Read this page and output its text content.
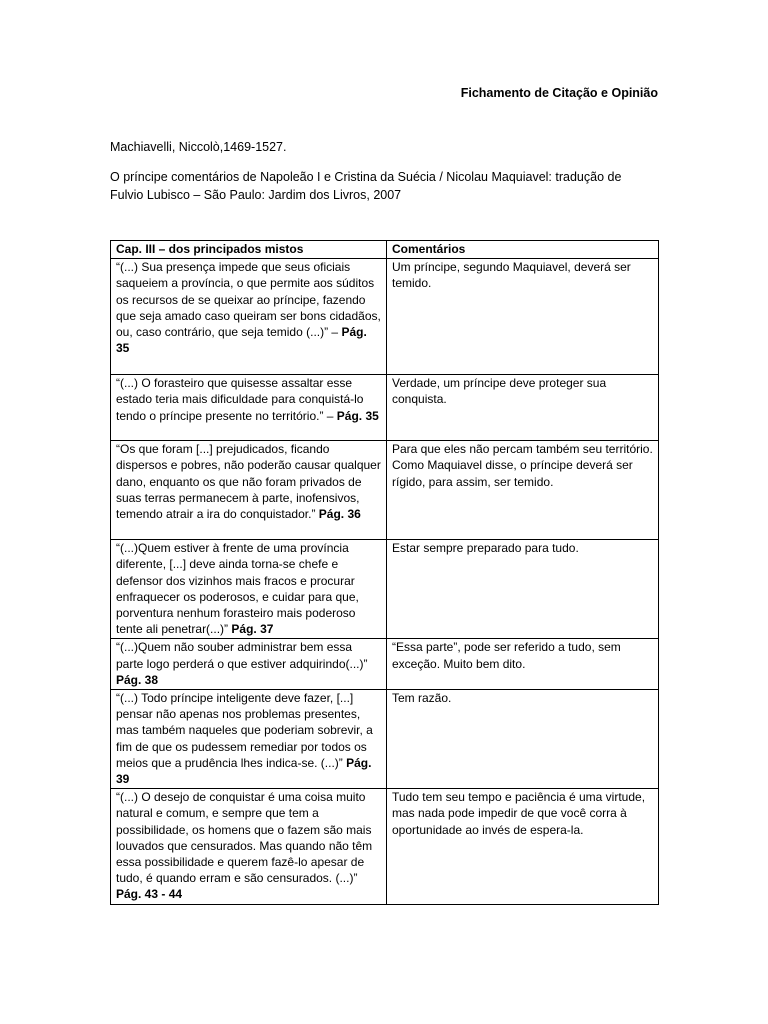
Fichamento de Citação e Opinião
Machiavelli, Niccolò,1469-1527.
O príncipe comentários de Napoleão I e Cristina da Suécia / Nicolau Maquiavel: tradução de Fulvio Lubisco – São Paulo: Jardim dos Livros, 2007
Cap. III – dos principados mistos	Comentários
“(...) Sua presença impede que seus oficiais saqueiem a província, o que permite aos súditos os recursos de se queixar ao príncipe, fazendo que seja amado caso queiram ser bons cidadãos, ou, caso contrário, que seja temido (...)” – Pág. 35	Um príncipe, segundo Maquiavel, deverá ser temido.
“(...) O forasteiro que quisesse assaltar esse estado teria mais dificuldade para conquistá-lo tendo o príncipe presente no território.” – Pág. 35	Verdade, um príncipe deve proteger sua conquista.
“Os que foram [...] prejudicados, ficando dispersos e pobres, não poderão causar qualquer dano, enquanto os que não foram privados de suas terras permanecem à parte, inofensivos, temendo atrair a ira do conquistador.” Pág. 36	Para que eles não percam também seu território. Como Maquiavel disse, o príncipe deverá ser rígido, para assim, ser temido.
“(...)Quem estiver à frente de uma província diferente, [...] deve ainda torna-se chefe e defensor dos vizinhos mais fracos e procurar enfraquecer os poderosos, e cuidar para que, porventura nenhum forasteiro mais poderoso tente ali penetrar(...)” Pág. 37	Estar sempre preparado para tudo.
“(...)Quem não souber administrar bem essa parte logo perderá o que estiver adquirindo(...)” Pág. 38	“Essa parte”, pode ser referido a tudo, sem exceção. Muito bem dito.
“(...) Todo príncipe inteligente deve fazer, [...] pensar não apenas nos problemas presentes, mas também naqueles que poderiam sobrevir, a fim de que os pudessem remediar por todos os meios que a prudência lhes indica-se. (...)” Pág. 39	Tem razão.
“(...) O desejo de conquistar é uma coisa muito natural e comum, e sempre que tem a possibilidade, os homens que o fazem são mais louvados que censurados. Mas quando não têm essa possibilidade e querem fazê-lo apesar de tudo, é quando erram e são censurados. (...)” Pág. 43 - 44	Tudo tem seu tempo e paciência é uma virtude, mas nada pode impedir de que você corra à oportunidade ao invés de espera-la.
